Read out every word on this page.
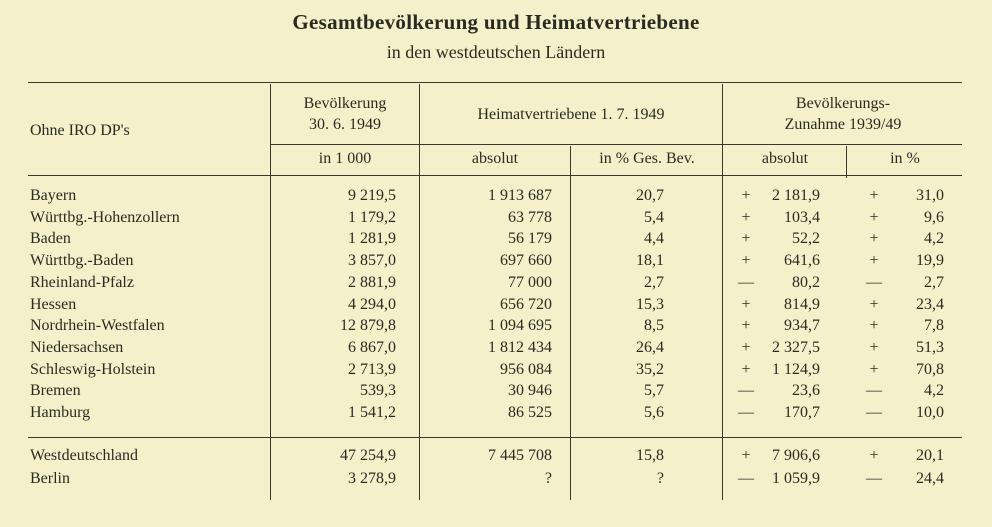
Gesamtbevölkerung und Heimatvertriebene
in den westdeutschen Ländern
Ohne IRO DP's
Bevölkerung
30. 6. 1949
in 1 000
Heimatvertriebene 1. 7. 1949
absolut	in % Ges. Bev.
Bevölkerungs-
Zunahme 1939/49
absolut	in %
Bayern	9 219,5	1 913 687	20,7	+	2 181,9	+	31,0
Württbg.-Hohenzollern	1 179,2	63 778	5,4	+	103,4	+	9,6
Baden	1 281,9	56 179	4,4	+	52,2	+	4,2
Württbg.-Baden	3 857,0	697 660	18,1	+	641,6	+	19,9
Rheinland-Pfalz	2 881,9	77 000	2,7	—	80,2	—	2,7
Hessen	4 294,0	656 720	15,3	+	814,9	+	23,4
Nordrhein-Westfalen	12 879,8	1 094 695	8,5	+	934,7	+	7,8
Niedersachsen	6 867,0	1 812 434	26,4	+	2 327,5	+	51,3
Schleswig-Holstein	2 713,9	956 084	35,2	+	1 124,9	+	70,8
Bremen	539,3	30 946	5,7	—	23,6	—	4,2
Hamburg	1 541,2	86 525	5,6	—	170,7	—	10,0
Westdeutschland	47 254,9	7 445 708	15,8	+	7 906,6	+	20,1
Berlin	3 278,9	?	?	—	1 059,9	—	24,4
